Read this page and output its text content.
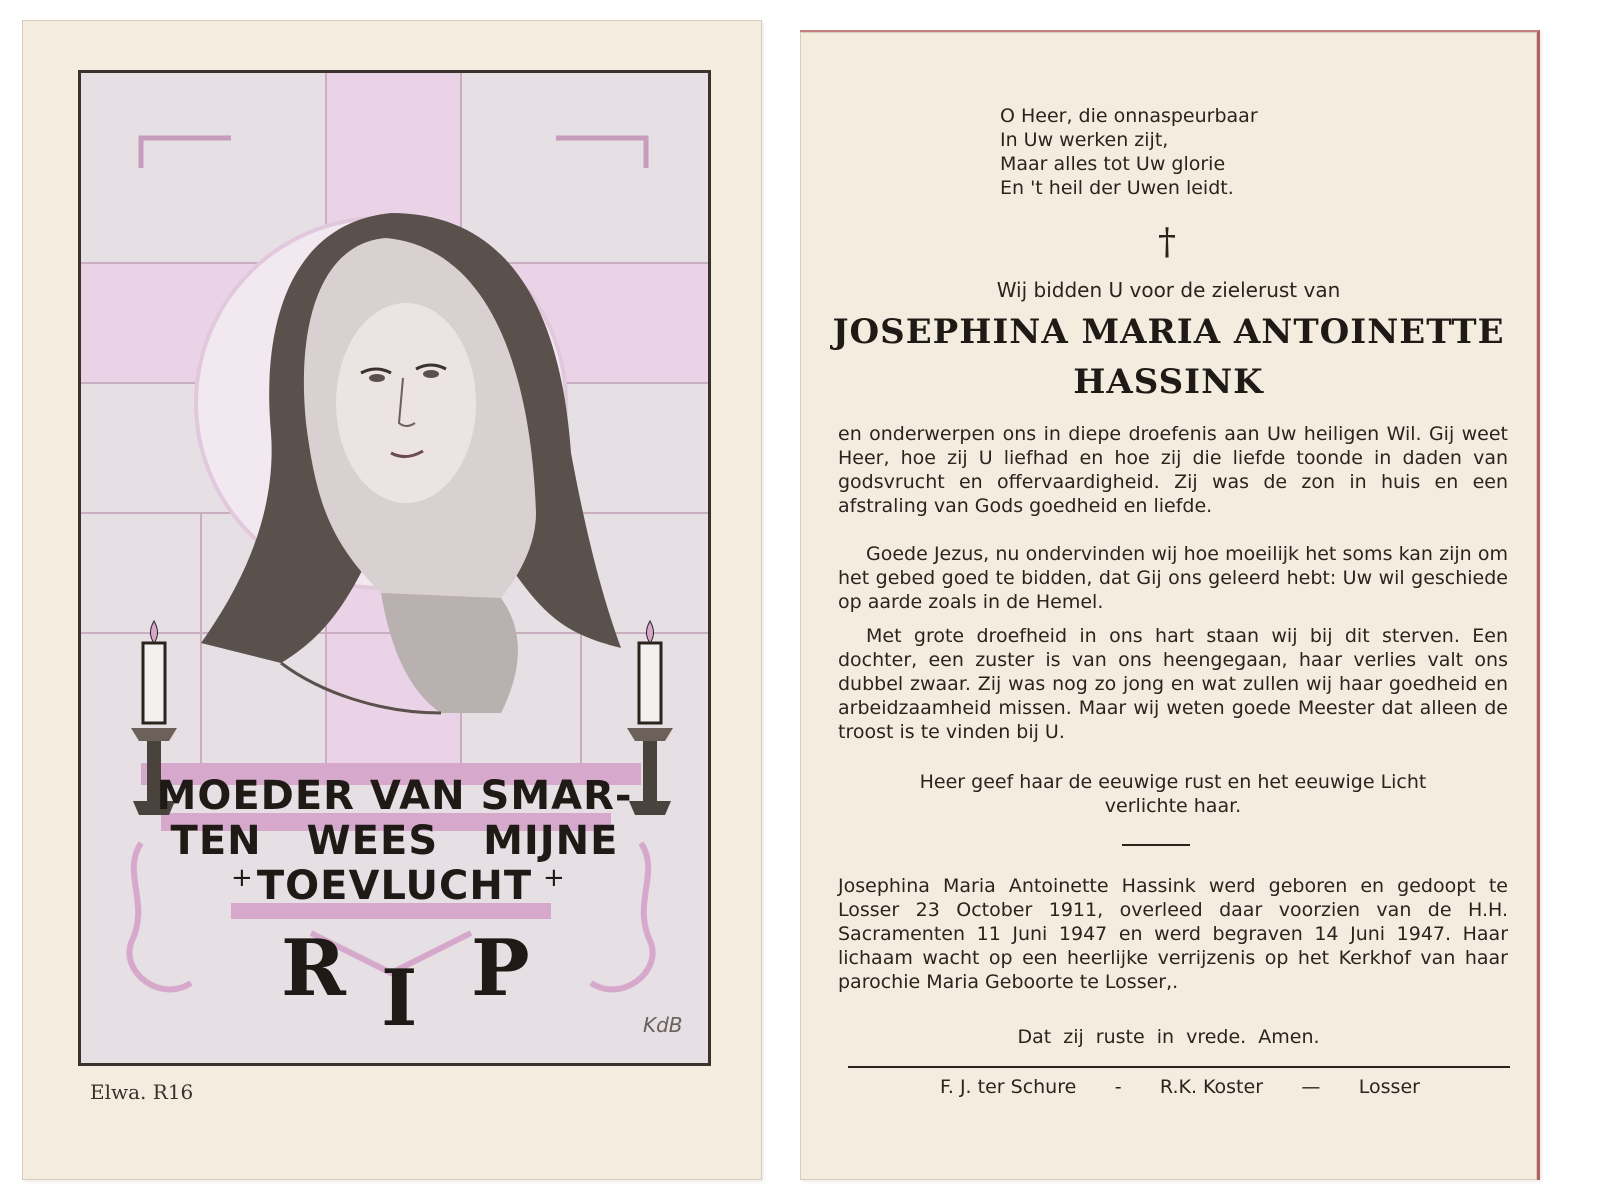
MOEDER VAN SMAR-
TEN WEES MIJNE
TOEVLUCHT
+	+
R I P
KdB
Elwa. R16
O Heer, die onnaspeurbaar
In Uw werken zijt,
Maar alles tot Uw glorie
En 't heil der Uwen leidt.
†
Wij bidden U voor de zielerust van
JOSEPHINA MARIA ANTOINETTE
HASSINK
en onderwerpen ons in diepe droefenis aan Uw heiligen Wil. Gij weet Heer, hoe zij U liefhad en hoe zij die liefde toonde in daden van godsvrucht en offervaardigheid. Zij was de zon in huis en een afstraling van Gods goedheid en liefde.
Goede Jezus, nu ondervinden wij hoe moeilijk het soms kan zijn om het gebed goed te bidden, dat Gij ons geleerd hebt: Uw wil geschiede op aarde zoals in de Hemel.
Met grote droefheid in ons hart staan wij bij dit sterven. Een dochter, een zuster is van ons heengegaan, haar verlies valt ons dubbel zwaar. Zij was nog zo jong en wat zullen wij haar goedheid en arbeidzaamheid missen. Maar wij weten goede Meester dat alleen de troost is te vinden bij U.
Heer geef haar de eeuwige rust en het eeuwige Licht verlichte haar.
Josephina Maria Antoinette Hassink werd geboren en gedoopt te Losser 23 October 1911, overleed daar voorzien van de H.H. Sacramenten 11 Juni 1947 en werd begraven 14 Juni 1947. Haar lichaam wacht op een heerlijke verrijzenis op het Kerkhof van haar parochie Maria Geboorte te Losser,.
Dat zij ruste in vrede. Amen.
F. J. ter Schure - R.K. Koster — Losser
